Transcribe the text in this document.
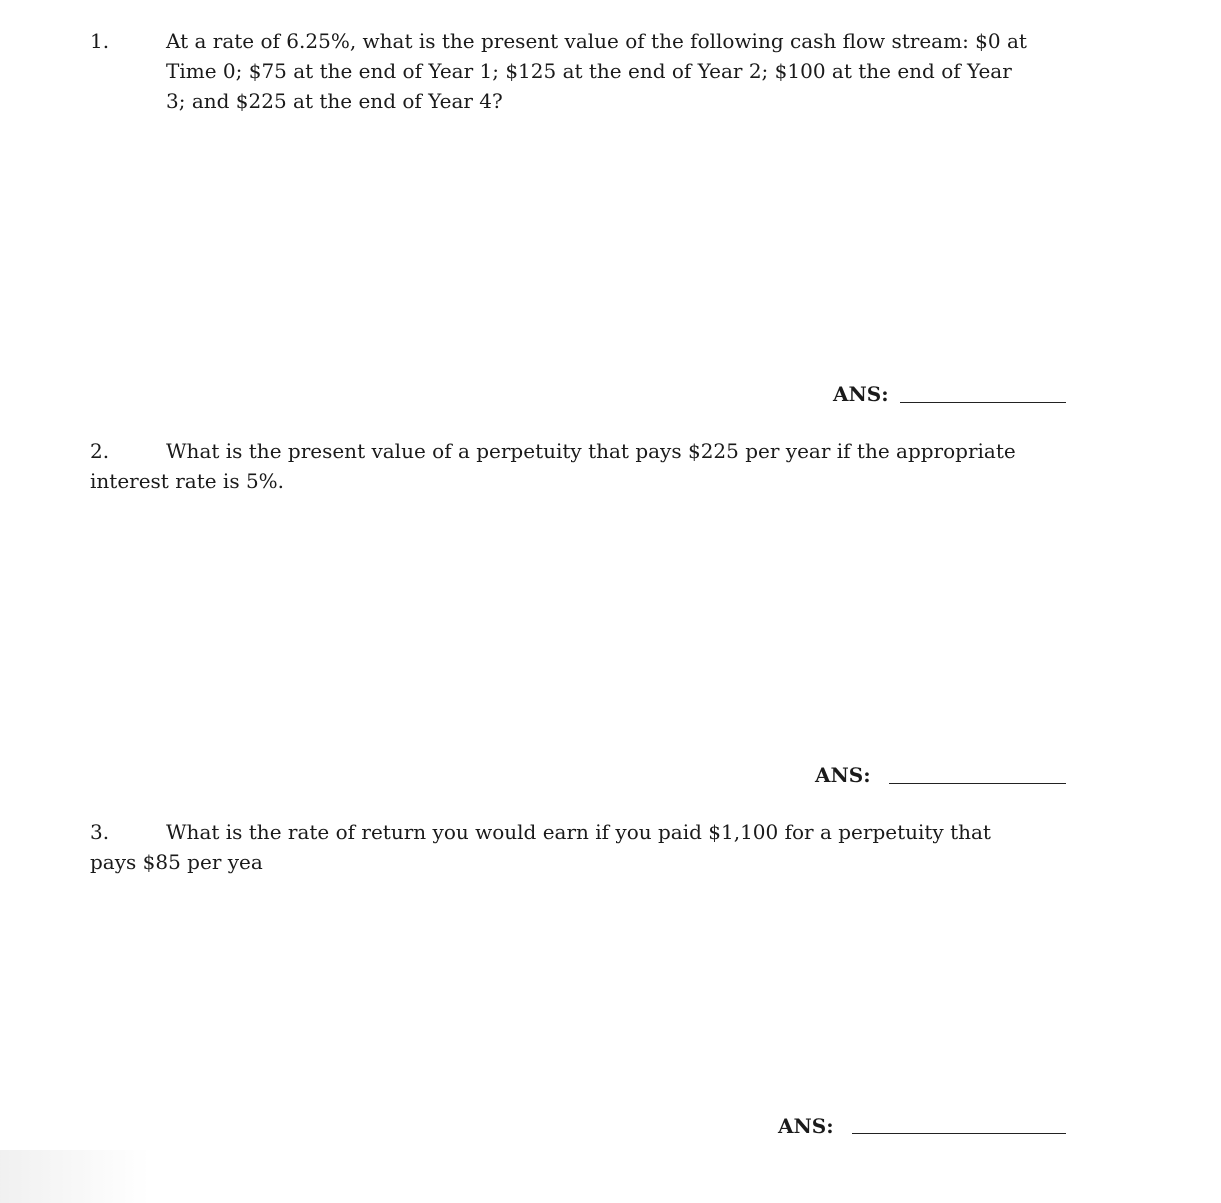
1.	At a rate of 6.25%, what is the present value of the following cash flow stream: $0 at
Time 0; $75 at the end of Year 1; $125 at the end of Year 2; $100 at the end of Year
3; and $225 at the end of Year 4?
ANS:
2.	What is the present value of a perpetuity that pays $225 per year if the appropriate
interest rate is 5%.
ANS:
3.	What is the rate of return you would earn if you paid $1,100 for a perpetuity that
pays $85 per yea
ANS:
